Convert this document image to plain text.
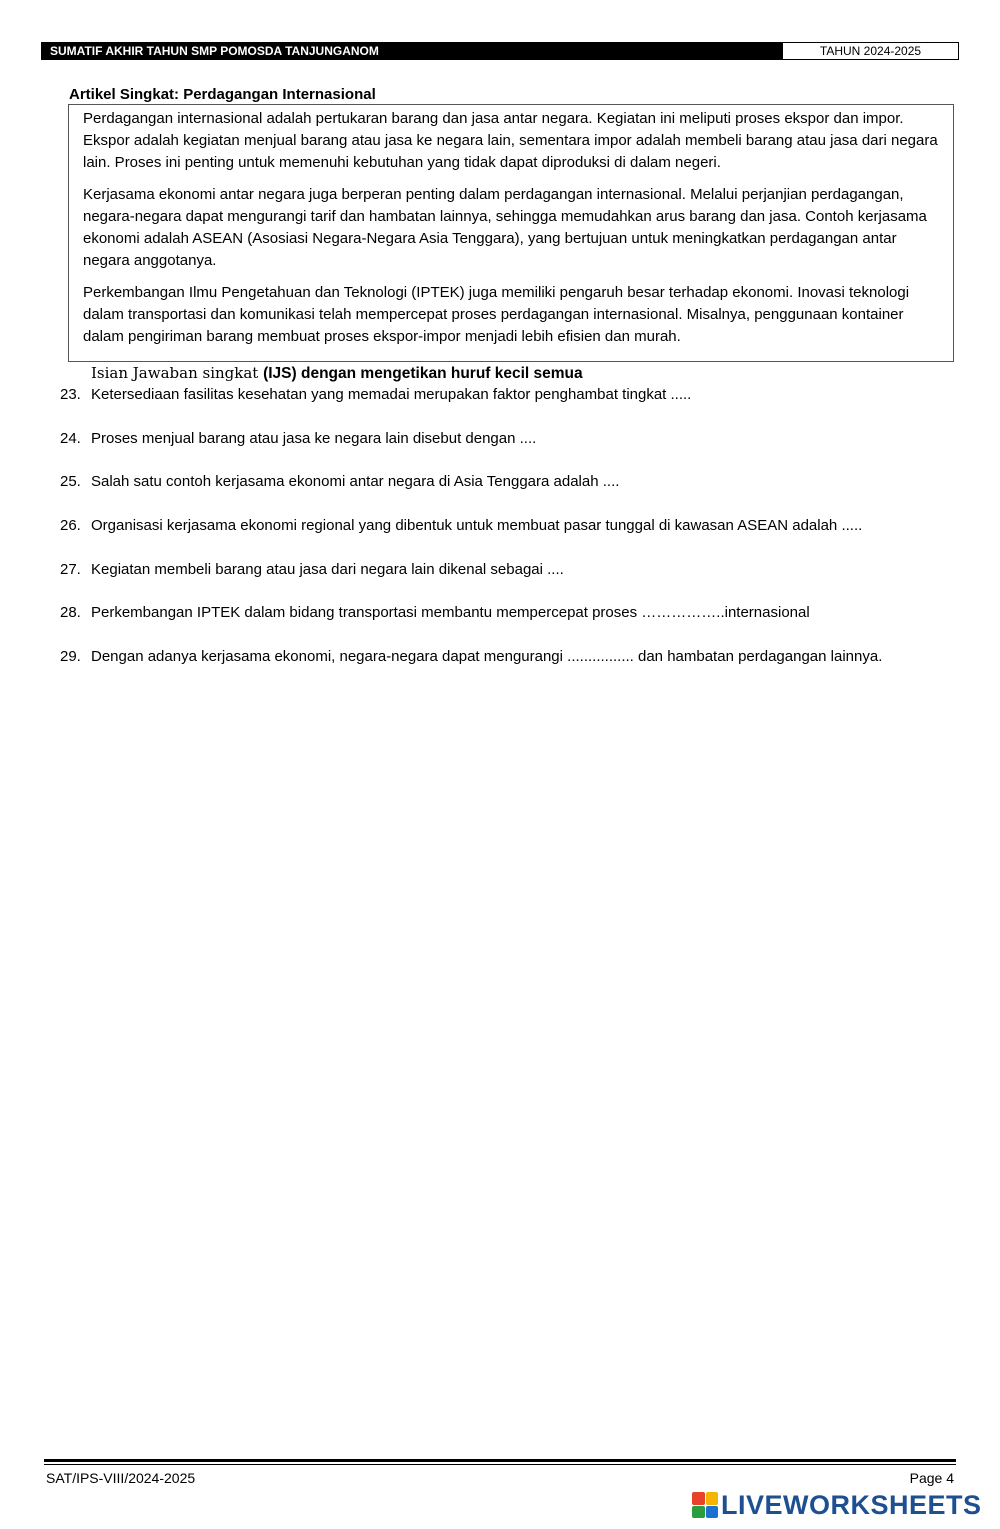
SUMATIF AKHIR TAHUN SMP POMOSDA TANJUNGANOM	TAHUN 2024-2025
Artikel Singkat: Perdagangan Internasional

Perdagangan internasional adalah pertukaran barang dan jasa antar negara. Kegiatan ini meliputi proses ekspor dan impor. Ekspor adalah kegiatan menjual barang atau jasa ke negara lain, sementara impor adalah membeli barang atau jasa dari negara lain. Proses ini penting untuk memenuhi kebutuhan yang tidak dapat diproduksi di dalam negeri.

Kerjasama ekonomi antar negara juga berperan penting dalam perdagangan internasional. Melalui perjanjian perdagangan, negara-negara dapat mengurangi tarif dan hambatan lainnya, sehingga memudahkan arus barang dan jasa. Contoh kerjasama ekonomi adalah ASEAN (Asosiasi Negara-Negara Asia Tenggara), yang bertujuan untuk meningkatkan perdagangan antar negara anggotanya.

Perkembangan Ilmu Pengetahuan dan Teknologi (IPTEK) juga memiliki pengaruh besar terhadap ekonomi. Inovasi teknologi dalam transportasi dan komunikasi telah mempercepat proses perdagangan internasional. Misalnya, penggunaan kontainer dalam pengiriman barang membuat proses ekspor-impor menjadi lebih efisien dan murah.

Isian Jawaban singkat (IJS) dengan mengetikan huruf kecil semua
23. Ketersediaan fasilitas kesehatan yang memadai merupakan faktor penghambat tingkat .....
24. Proses menjual barang atau jasa ke negara lain disebut dengan ....
25. Salah satu contoh kerjasama ekonomi antar negara di Asia Tenggara adalah ....
26. Organisasi kerjasama ekonomi regional yang dibentuk untuk membuat pasar tunggal di kawasan ASEAN adalah .....
27. Kegiatan membeli barang atau jasa dari negara lain dikenal sebagai ....
28. Perkembangan IPTEK dalam bidang transportasi membantu mempercepat proses ……………..internasional
29. Dengan adanya kerjasama ekonomi, negara-negara dapat mengurangi ................ dan hambatan perdagangan lainnya.
SAT/IPS-VIII/2024-2025	Page 4
LIVEWORKSHEETS
